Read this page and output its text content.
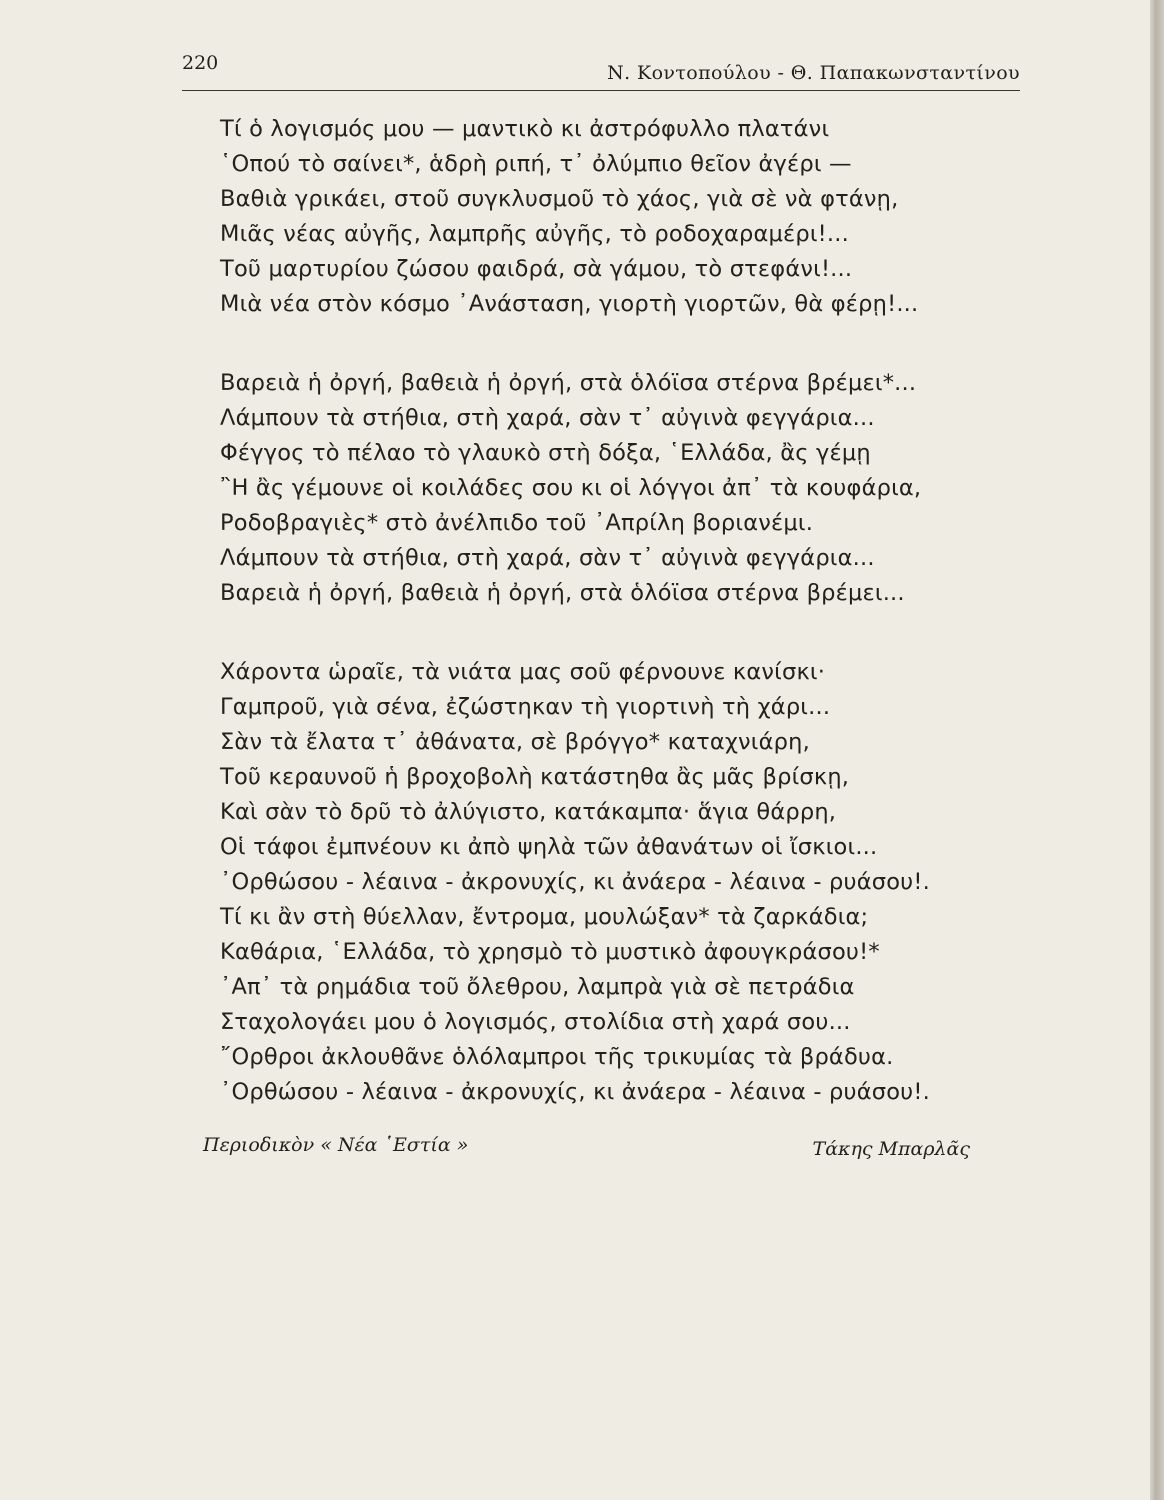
220	Ν. Κοντοπούλου - Θ. Παπακωνσταντίνου
Τί ὁ λογισμός μου — μαντικὸ κι ἀστρόφυλλο πλατάνι
῾Οπού τὸ σαίνει*, ἁδρὴ ριπή, τ᾿ ὀλύμπιο θεῖον ἀγέρι —
Βαθιὰ γρικάει, στοῦ συγκλυσμοῦ τὸ χάος, γιὰ σὲ νὰ φτάνῃ,
Μιᾶς νέας αὐγῆς, λαμπρῆς αὐγῆς, τὸ ροδοχαραμέρι!...
Τοῦ μαρτυρίου ζώσου φαιδρά, σὰ γάμου, τὸ στεφάνι!...
Μιὰ νέα στὸν κόσμο ᾿Ανάσταση, γιορτὴ γιορτῶν, θὰ φέρῃ!...
Βαρειὰ ἡ ὀργή, βαθειὰ ἡ ὀργή, στὰ ὁλόϊσα στέρνα βρέμει*...
Λάμπουν τὰ στήθια, στὴ χαρά, σὰν τ᾿ αὐγινὰ φεγγάρια...
Φέγγος τὸ πέλαο τὸ γλαυκὸ στὴ δόξα, ῾Ελλάδα, ἂς γέμῃ
῍Η ἂς γέμουνε οἱ κοιλάδες σου κι οἱ λόγγοι ἀπ᾿ τὰ κουφάρια,
Ροδοβραγιὲς* στὸ ἀνέλπιδο τοῦ ᾿Απρίλη βοριανέμι.
Λάμπουν τὰ στήθια, στὴ χαρά, σὰν τ᾿ αὐγινὰ φεγγάρια...
Βαρειὰ ἡ ὀργή, βαθειὰ ἡ ὀργή, στὰ ὁλόϊσα στέρνα βρέμει...
Χάροντα ὡραῖε, τὰ νιάτα μας σοῦ φέρνουνε κανίσκι·
Γαμπροῦ, γιὰ σένα, ἐζώστηκαν τὴ γιορτινὴ τὴ χάρι...
Σὰν τὰ ἔλατα τ᾿ ἀθάνατα, σὲ βρόγγο* καταχνιάρη,
Τοῦ κεραυνοῦ ἡ βροχοβολὴ κατάστηθα ἂς μᾶς βρίσκῃ,
Καὶ σὰν τὸ δρῦ τὸ ἀλύγιστο, κατάκαμπα· ἅγια θάρρη,
Οἱ τάφοι ἐμπνέουν κι ἀπὸ ψηλὰ τῶν ἀθανάτων οἱ ἴσκιοι...
᾿Ορθώσου - λέαινα - ἀκρονυχίς, κι ἀνάερα - λέαινα - ρυάσου!.
Τί κι ἂν στὴ θύελλαν, ἔντρομα, μουλώξαν* τὰ ζαρκάδια;
Καθάρια, ῾Ελλάδα, τὸ χρησμὸ τὸ μυστικὸ ἀφουγκράσου!*
᾿Απ᾿ τὰ ρημάδια τοῦ ὄλεθρου, λαμπρὰ γιὰ σὲ πετράδια
Σταχολογάει μου ὁ λογισμός, στολίδια στὴ χαρά σου...
῎Ορθροι ἀκλουθᾶνε ὁλόλαμπροι τῆς τρικυμίας τὰ βράδυα.
᾿Ορθώσου - λέαινα - ἀκρονυχίς, κι ἀνάερα - λέαινα - ρυάσου!.
Περιοδικὸν « Νέα ῾Εστία »	Τάκης Μπαρλᾶς
